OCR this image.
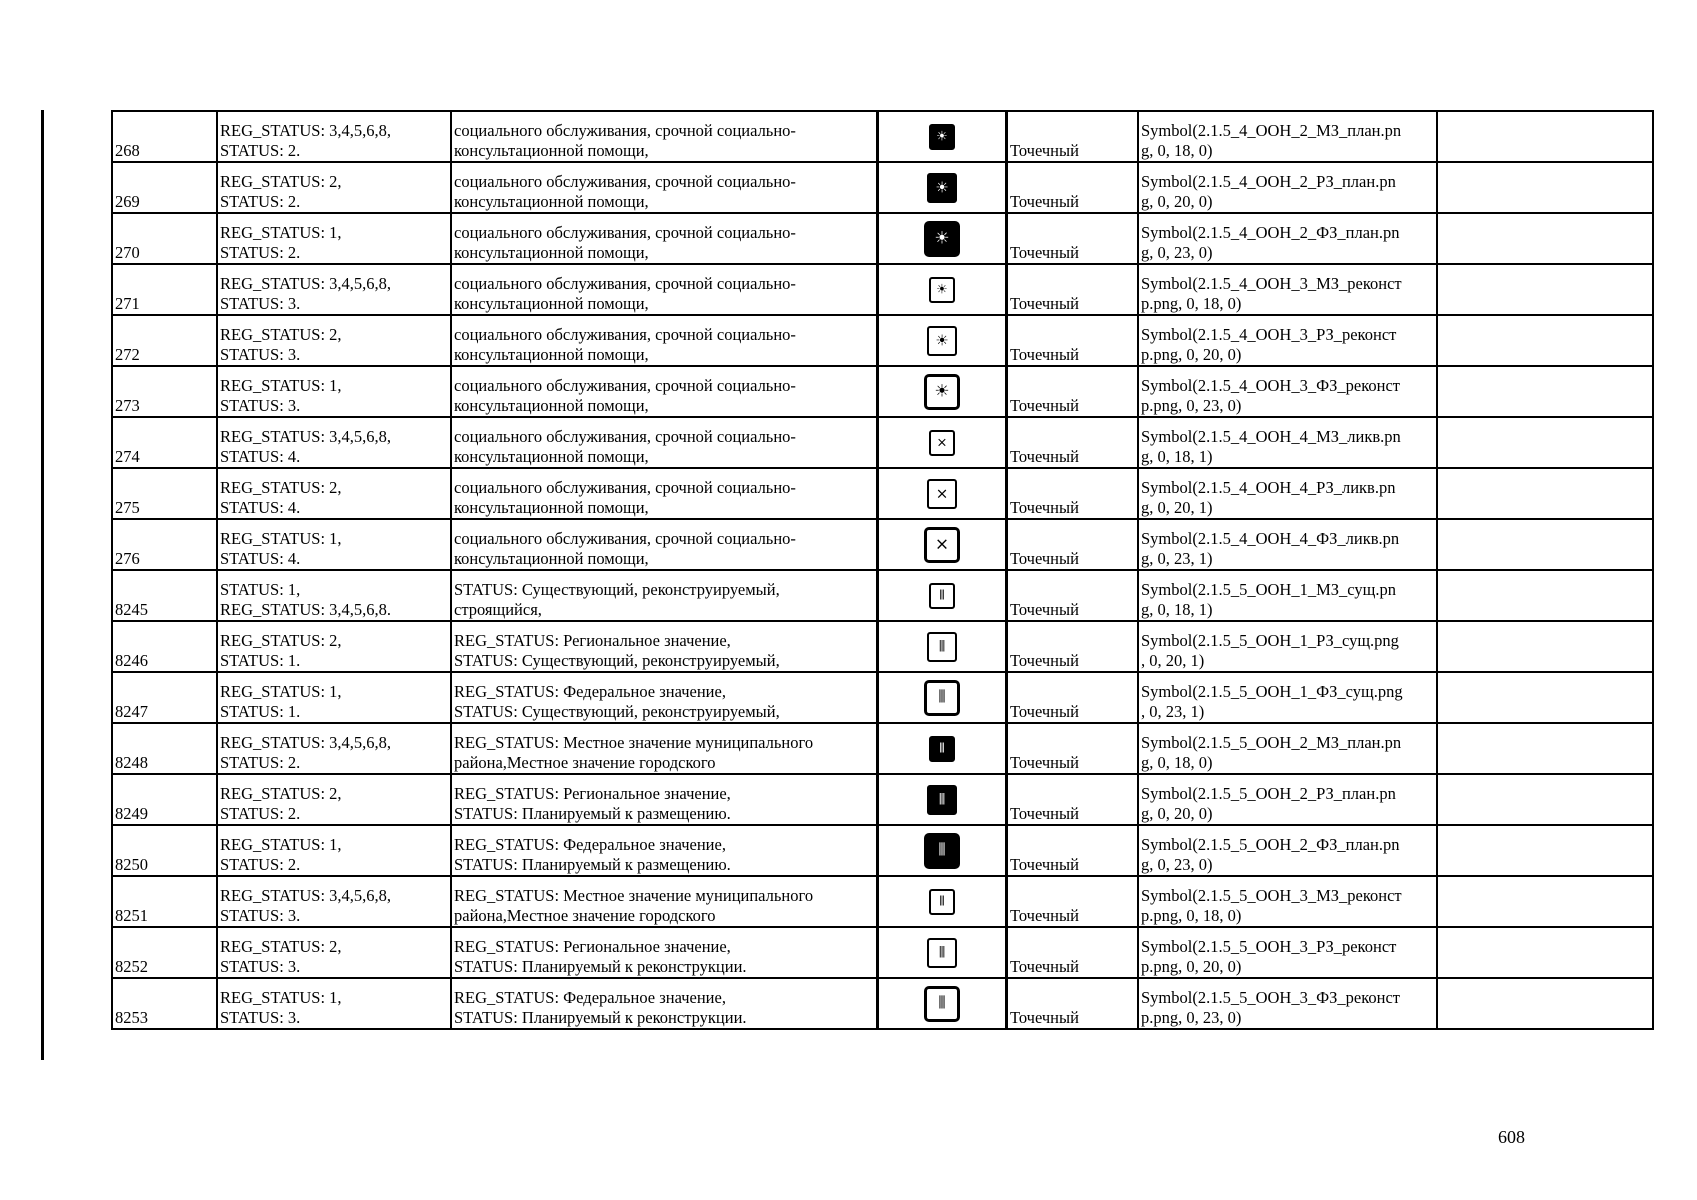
268	REG_STATUS: 3,4,5,6,8,
STATUS: 2.	социального обслуживания, срочной социально-
консультационной помощи,	☀	Точечный	Symbol(2.1.5_4_ООН_2_МЗ_план.pn
g, 0, 18, 0)	

269	REG_STATUS: 2,
STATUS: 2.	социального обслуживания, срочной социально-
консультационной помощи,	☀	Точечный	Symbol(2.1.5_4_ООН_2_РЗ_план.pn
g, 0, 20, 0)	

270	REG_STATUS: 1,
STATUS: 2.	социального обслуживания, срочной социально-
консультационной помощи,	☀	Точечный	Symbol(2.1.5_4_ООН_2_ФЗ_план.pn
g, 0, 23, 0)	

271	REG_STATUS: 3,4,5,6,8,
STATUS: 3.	социального обслуживания, срочной социально-
консультационной помощи,	☀	Точечный	Symbol(2.1.5_4_ООН_3_МЗ_реконст
р.png, 0, 18, 0)	

272	REG_STATUS: 2,
STATUS: 3.	социального обслуживания, срочной социально-
консультационной помощи,	☀	Точечный	Symbol(2.1.5_4_ООН_3_РЗ_реконст
р.png, 0, 20, 0)	

273	REG_STATUS: 1,
STATUS: 3.	социального обслуживания, срочной социально-
консультационной помощи,	☀	Точечный	Symbol(2.1.5_4_ООН_3_ФЗ_реконст
р.png, 0, 23, 0)	

274	REG_STATUS: 3,4,5,6,8,
STATUS: 4.	социального обслуживания, срочной социально-
консультационной помощи,	⨯	Точечный	Symbol(2.1.5_4_ООН_4_МЗ_ликв.pn
g, 0, 18, 1)	

275	REG_STATUS: 2,
STATUS: 4.	социального обслуживания, срочной социально-
консультационной помощи,	⨯	Точечный	Symbol(2.1.5_4_ООН_4_РЗ_ликв.pn
g, 0, 20, 1)	

276	REG_STATUS: 1,
STATUS: 4.	социального обслуживания, срочной социально-
консультационной помощи,	⨯	Точечный	Symbol(2.1.5_4_ООН_4_ФЗ_ликв.pn
g, 0, 23, 1)	

8245	STATUS: 1,
REG_STATUS: 3,4,5,6,8.	STATUS: Существующий, реконструируемый,
строящийся,	⦀	Точечный	Symbol(2.1.5_5_ООН_1_МЗ_сущ.pn
g, 0, 18, 1)	

8246	REG_STATUS: 2,
STATUS: 1.	REG_STATUS: Региональное значение,
STATUS: Существующий, реконструируемый,	⦀	Точечный	Symbol(2.1.5_5_ООН_1_РЗ_сущ.png
, 0, 20, 1)	

8247	REG_STATUS: 1,
STATUS: 1.	REG_STATUS: Федеральное значение,
STATUS: Существующий, реконструируемый,	⦀	Точечный	Symbol(2.1.5_5_ООН_1_ФЗ_сущ.png
, 0, 23, 1)	

8248	REG_STATUS: 3,4,5,6,8,
STATUS: 2.	REG_STATUS: Местное значение муниципального
района,Местное значение городского	⦀	Точечный	Symbol(2.1.5_5_ООН_2_МЗ_план.pn
g, 0, 18, 0)	

8249	REG_STATUS: 2,
STATUS: 2.	REG_STATUS: Региональное значение,
STATUS: Планируемый к размещению.	⦀	Точечный	Symbol(2.1.5_5_ООН_2_РЗ_план.pn
g, 0, 20, 0)	

8250	REG_STATUS: 1,
STATUS: 2.	REG_STATUS: Федеральное значение,
STATUS: Планируемый к размещению.	⦀	Точечный	Symbol(2.1.5_5_ООН_2_ФЗ_план.pn
g, 0, 23, 0)	

8251	REG_STATUS: 3,4,5,6,8,
STATUS: 3.	REG_STATUS: Местное значение муниципального
района,Местное значение городского	⦀	Точечный	Symbol(2.1.5_5_ООН_3_МЗ_реконст
р.png, 0, 18, 0)	

8252	REG_STATUS: 2,
STATUS: 3.	REG_STATUS: Региональное значение,
STATUS: Планируемый к реконструкции.	⦀	Точечный	Symbol(2.1.5_5_ООН_3_РЗ_реконст
р.png, 0, 20, 0)	

8253	REG_STATUS: 1,
STATUS: 3.	REG_STATUS: Федеральное значение,
STATUS: Планируемый к реконструкции.	⦀	Точечный	Symbol(2.1.5_5_ООН_3_ФЗ_реконст
р.png, 0, 23, 0)	

608
